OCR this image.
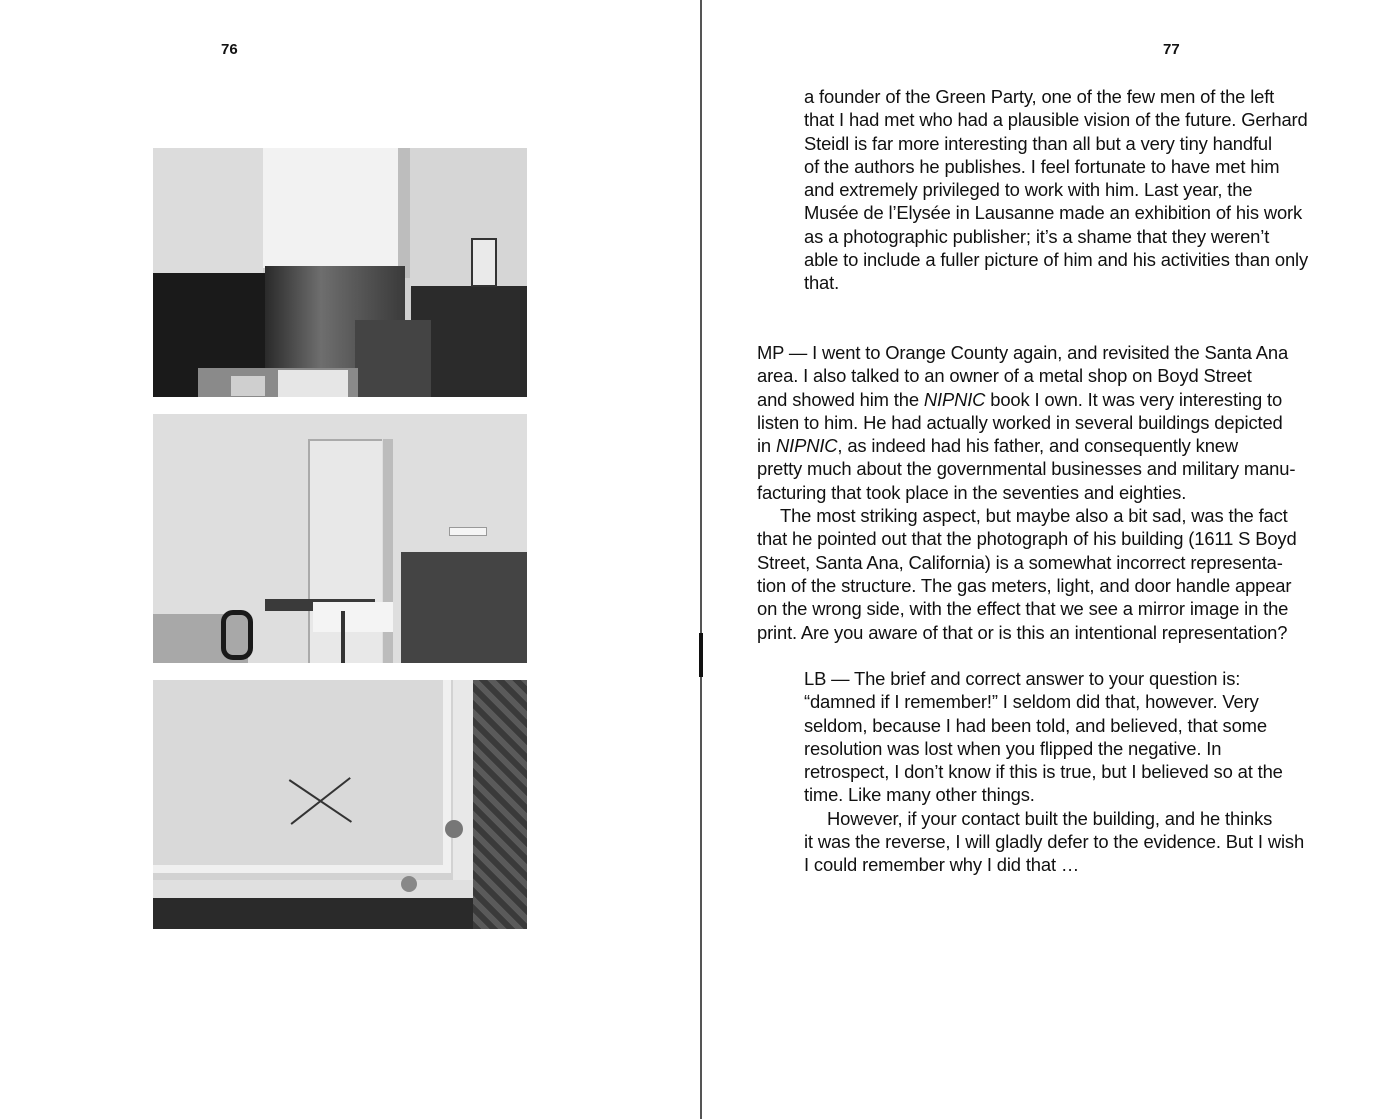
76	77
a founder of the Green Party, one of the few men of the left
that I had met who had a plausible vision of the future. Gerhard
Steidl is far more interesting than all but a very tiny handful
of the authors he publishes. I feel fortunate to have met him
and extremely privileged to work with him. Last year, the
Musée de l’Elysée in Lausanne made an exhibition of his work
as a photographic publisher; it’s a shame that they weren’t
able to include a fuller picture of him and his activities than only
that.
MP — I went to Orange County again, and revisited the Santa Ana
area. I also talked to an owner of a metal shop on Boyd Street
and showed him the NIPNIC book I own. It was very interesting to
listen to him. He had actually worked in several buildings depicted
in NIPNIC, as indeed had his father, and consequently knew
pretty much about the governmental businesses and military manu-
facturing that took place in the seventies and eighties.
The most striking aspect, but maybe also a bit sad, was the fact
that he pointed out that the photograph of his building (1611 S Boyd
Street, Santa Ana, California) is a somewhat incorrect representa-
tion of the structure. The gas meters, light, and door handle appear
on the wrong side, with the effect that we see a mirror image in the
print. Are you aware of that or is this an intentional representation?
LB — The brief and correct answer to your question is:
“damned if I remember!” I seldom did that, however. Very
seldom, because I had been told, and believed, that some
resolution was lost when you flipped the negative. In
retrospect, I don’t know if this is true, but I believed so at the
time. Like many other things.
However, if your contact built the building, and he thinks
it was the reverse, I will gladly defer to the evidence. But I wish
I could remember why I did that …
